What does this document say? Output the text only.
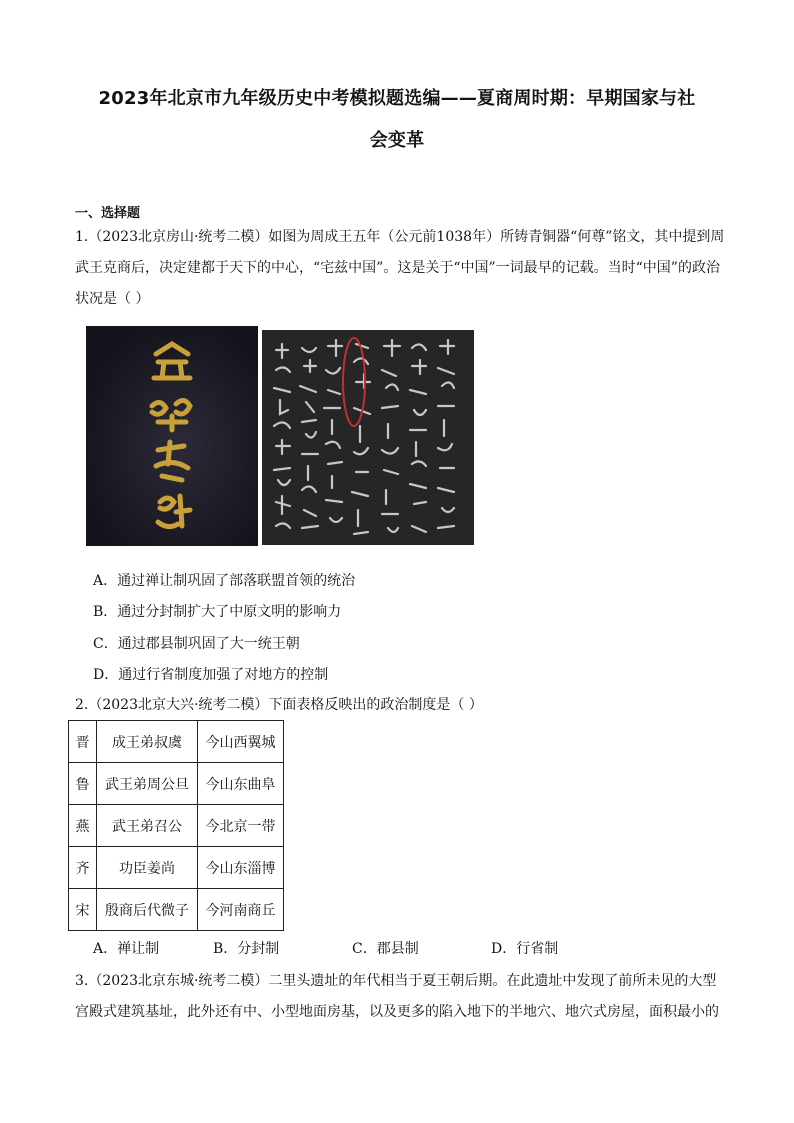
2023年北京市九年级历史中考模拟题选编——夏商周时期：早期国家与社
会变革
一、选择题
1.（2023北京房山·统考二模）如图为周成王五年（公元前1038年）所铸青铜器“何尊”铭文，其中提到周
武王克商后，决定建都于天下的中心，“宅兹中国”。这是关于“中国”一词最早的记载。当时“中国”的政治
状况是（ ）
A．通过禅让制巩固了部落联盟首领的统治
B．通过分封制扩大了中原文明的影响力
C．通过郡县制巩固了大一统王朝
D．通过行省制度加强了对地方的控制
2.（2023北京大兴·统考二模）下面表格反映出的政治制度是（ ）
晋	成王弟叔虞	今山西翼城
鲁	武王弟周公旦	今山东曲阜
燕	武王弟召公	今北京一带
齐	功臣姜尚	今山东淄博
宋	殷商后代微子	今河南商丘
A．禅让制	B．分封制	C．郡县制	D．行省制
3.（2023北京东城·统考二模）二里头遗址的年代相当于夏王朝后期。在此遗址中发现了前所未见的大型
宫殿式建筑基址，此外还有中、小型地面房基，以及更多的陷入地下的半地穴、地穴式房屋，面积最小的
